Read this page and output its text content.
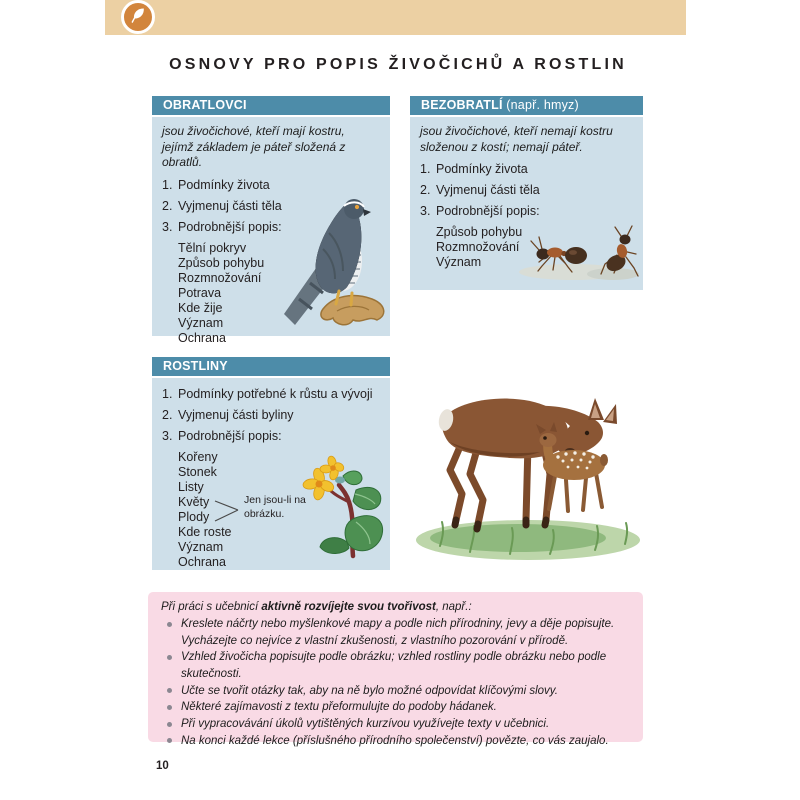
OSNOVY PRO POPIS ŽIVOČICHŮ A ROSTLIN
OBRATLOVCI
jsou živočichové, kteří mají kostru, jejímž základem je páteř složená z obratlů.
1. Podmínky života
2. Vyjmenuj části těla
3. Podrobnější popis:
Tělní pokryv
Způsob pohybu
Rozmnožování
Potrava
Kde žije
Význam
Ochrana
BEZOBRATLÍ (např. hmyz)
jsou živočichové, kteří nemají kostru složenou z kostí; nemají páteř.
1. Podmínky života
2. Vyjmenuj části těla
3. Podrobnější popis:
Způsob pohybu
Rozmnožování
Význam
ROSTLINY
1. Podmínky potřebné k růstu a vývoji
2. Vyjmenuj části byliny
3. Podrobnější popis:
Kořeny
Stonek
Listy
Květy
Plody
Kde roste
Význam
Ochrana
Jen jsou-li na obrázku.
Při práci s učebnicí aktivně rozvíjejte svou tvořivost, např.:
Kreslete náčrty nebo myšlenkové mapy a podle nich přírodniny, jevy a děje popisujte. Vycházejte co nejvíce z vlastní zkušenosti, z vlastního pozorování v přírodě.
Vzhled živočicha popisujte podle obrázku; vzhled rostliny podle obrázku nebo podle skutečnosti.
Učte se tvořit otázky tak, aby na ně bylo možné odpovídat klíčovými slovy.
Některé zajímavosti z textu přeformulujte do podoby hádanek.
Při vypracovávání úkolů vytištěných kurzívou využívejte texty v učebnici.
Na konci každé lekce (příslušného přírodního společenství) povězte, co vás zaujalo.
10
